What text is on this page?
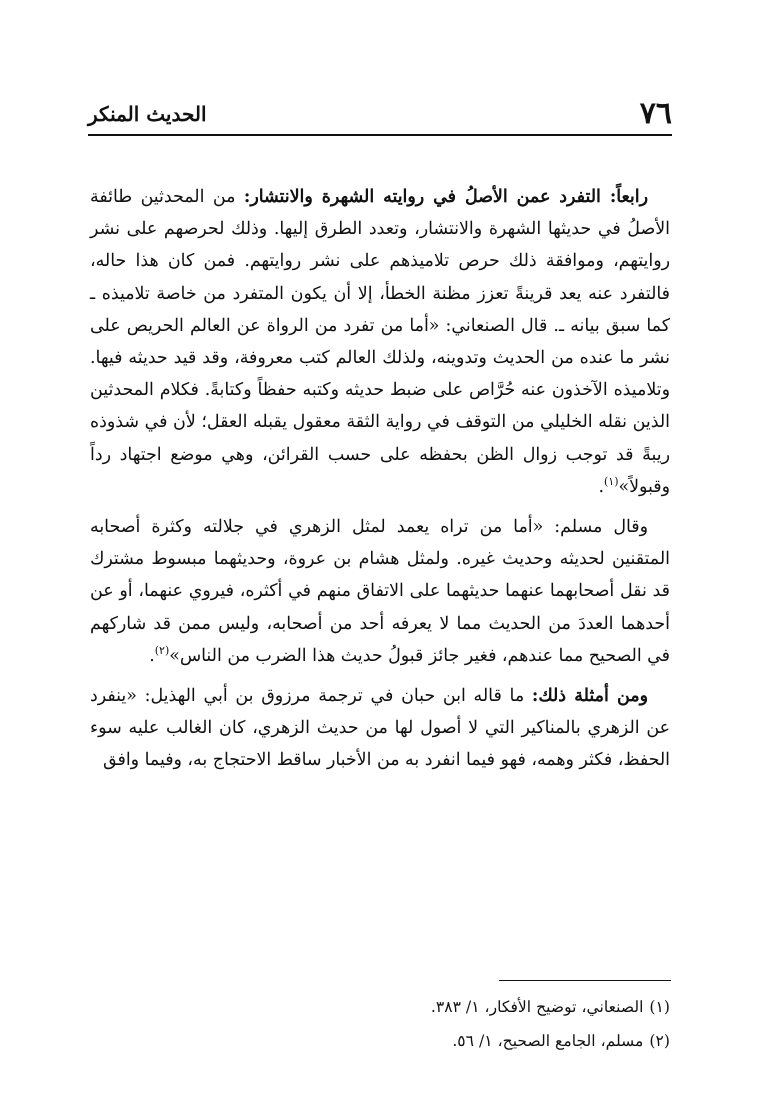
٧٦
الحديث المنكر

رابعاً: التفرد عمن الأصلُ في روايته الشهرة والانتشار: من المحدثين طائفة الأصلُ في حديثها الشهرة والانتشار، وتعدد الطرق إليها. وذلك لحرصهم على نشر روايتهم، وموافقة ذلك حرص تلاميذهم على نشر روايتهم. فمن كان هذا حاله، فالتفرد عنه يعد قرينةً تعزز مظنة الخطأ، إلا أن يكون المتفرد من خاصة تلاميذه ـ كما سبق بيانه ـ. قال الصنعاني: «أما من تفرد من الرواة عن العالم الحريص على نشر ما عنده من الحديث وتدوينه، ولذلك العالم كتب معروفة، وقد قيد حديثه فيها. وتلاميذه الآخذون عنه حُرَّاص على ضبط حديثه وكتبه حفظاً وكتابةً. فكلام المحدثين الذين نقله الخليلي من التوقف في رواية الثقة معقول يقبله العقل؛ لأن في شذوذه ريبةً قد توجب زوال الظن بحفظه على حسب القرائن، وهي موضع اجتهاد رداً وقبولاً»$^{(١)}$.

وقال مسلم: «أما من تراه يعمد لمثل الزهري في جلالته وكثرة أصحابه المتقنين لحديثه وحديث غيره. ولمثل هشام بن عروة، وحديثهما مبسوط مشترك قد نقل أصحابهما عنهما حديثهما على الاتفاق منهم في أكثره، فيروي عنهما، أو عن أحدهما العددَ من الحديث مما لا يعرفه أحد من أصحابه، وليس ممن قد شاركهم في الصحيح مما عندهم، فغير جائز قبولُ حديث هذا الضرب من الناس»$^{(٢)}$.

ومن أمثلة ذلك: ما قاله ابن حبان في ترجمة مرزوق بن أبي الهذيل: «ينفرد عن الزهري بالمناكير التي لا أصول لها من حديث الزهري، كان الغالب عليه سوء الحفظ، فكثر وهمه، فهو فيما انفرد به من الأخبار ساقط الاحتجاج به، وفيما وافق

(١)الصنعاني، توضيح الأفكار، ١/ ٣٨٣.

(٢)مسلم، الجامع الصحيح، ١/ ٥٦.
